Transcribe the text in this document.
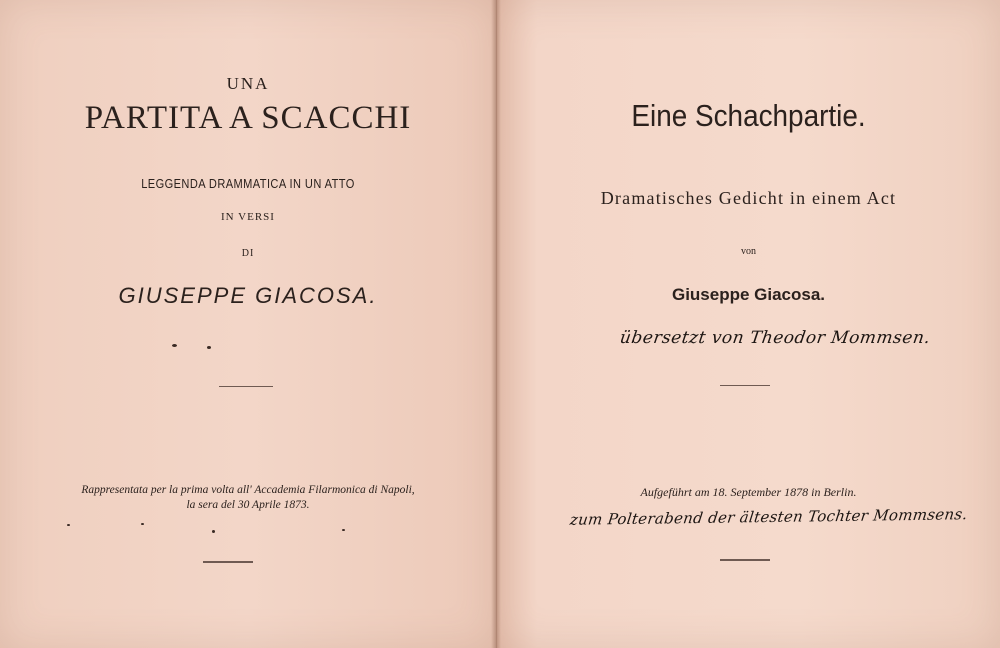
UNA
PARTITA A SCACCHI
LEGGENDA DRAMMATICA IN UN ATTO
IN VERSI
DI
GIUSEPPE GIACOSA.
Rappresentata per la prima volta all' Accademia Filarmonica di Napoli,
la sera del 30 Aprile 1873.
Eine Schachpartie.
Dramatisches Gedicht in einem Act
von
Giuseppe Giacosa.
Aufgeführt am 18. September 1878 in Berlin.
übersetzt von Theodor Mommsen.
zum Polterabend der ältesten Tochter Mommsens.
